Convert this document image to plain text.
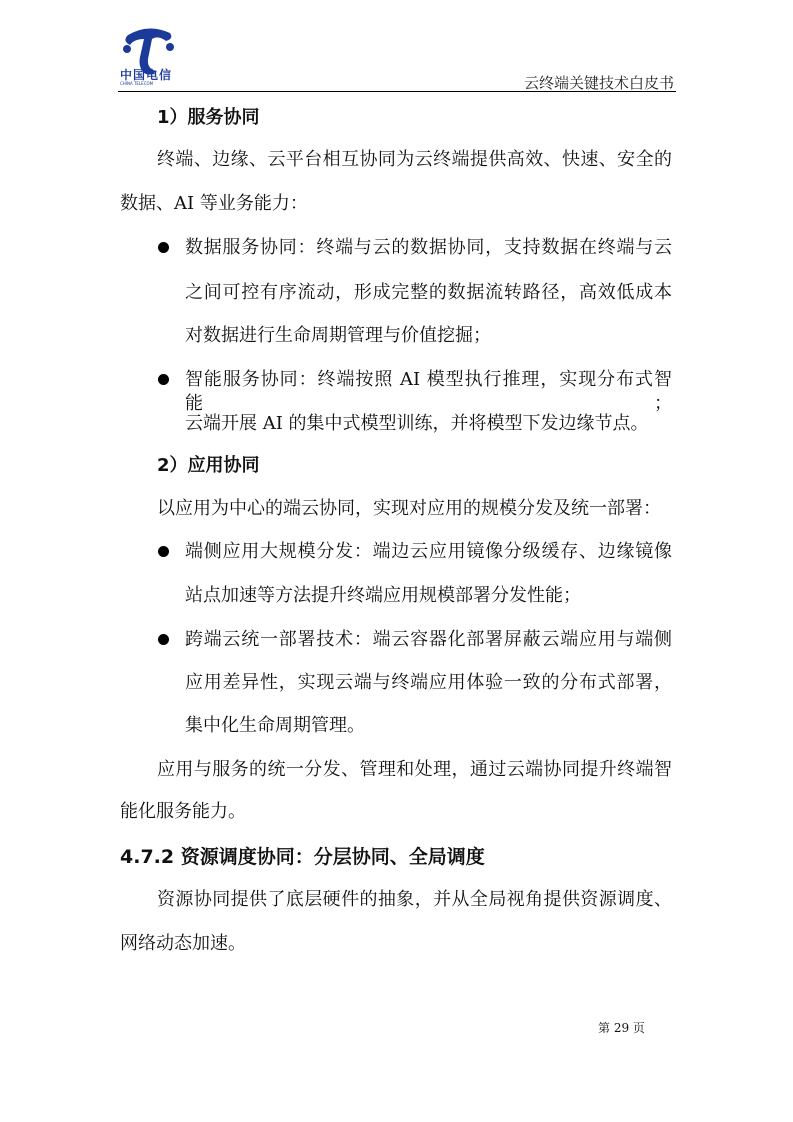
中国电信
CHINA TELECOM	云终端关键技术白皮书
1）服务协同
终端、边缘、云平台相互协同为云终端提供高效、快速、安全的
数据、AI 等业务能力：
数据服务协同：终端与云的数据协同，支持数据在终端与云
之间可控有序流动，形成完整的数据流转路径，高效低成本
对数据进行生命周期管理与价值挖掘；
智能服务协同：终端按照 AI 模型执行推理，实现分布式智能；
云端开展 AI 的集中式模型训练，并将模型下发边缘节点。
2）应用协同
以应用为中心的端云协同，实现对应用的规模分发及统一部署：
端侧应用大规模分发：端边云应用镜像分级缓存、边缘镜像
站点加速等方法提升终端应用规模部署分发性能；
跨端云统一部署技术：端云容器化部署屏蔽云端应用与端侧
应用差异性，实现云端与终端应用体验一致的分布式部署，
集中化生命周期管理。
应用与服务的统一分发、管理和处理，通过云端协同提升终端智
能化服务能力。
4.7.2 资源调度协同：分层协同、全局调度
资源协同提供了底层硬件的抽象，并从全局视角提供资源调度、
网络动态加速。
第 29 页
